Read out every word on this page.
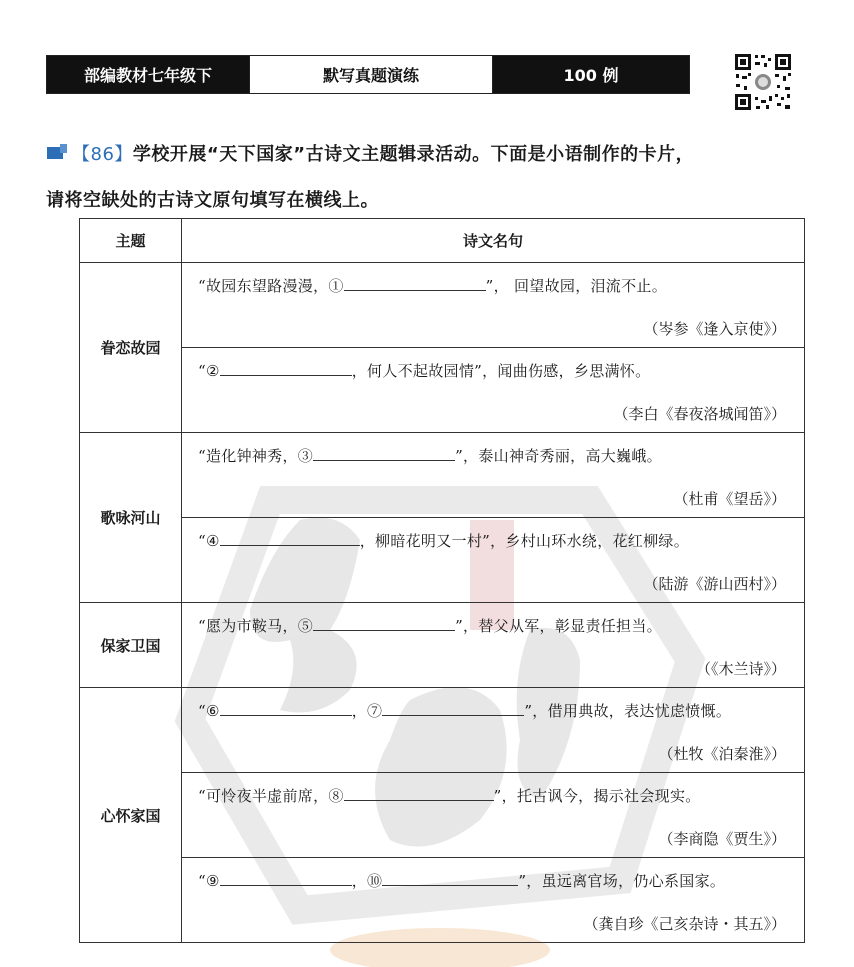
部编教材七年级下	默写真题演练	100 例
【86】 学校开展“天下国家”古诗文主题辑录活动。下面是小语制作的卡片，
请将空缺处的古诗文原句填写在横线上。
主题	诗文名句
眷恋故园	“故园东望路漫漫，① ”， 回望故园，泪流不止。
（岑参《逢入京使》）

	“② ，何人不起故园情”，闻曲伤感，乡思满怀。
（李白《春夜洛城闻笛》）

歌咏河山	“造化钟神秀，③ ”，泰山神奇秀丽，高大巍峨。
（杜甫《望岳》）

	“④ ，柳暗花明又一村”，乡村山环水绕，花红柳绿。
（陆游《游山西村》）

保家卫国	“愿为市鞍马，⑤ ”，替父从军，彰显责任担当。
（《木兰诗》）

心怀家国	“⑥ ，⑦ ”，借用典故，表达忧虑愤慨。
（杜牧《泊秦淮》）

	“可怜夜半虚前席，⑧ ”，托古讽今，揭示社会现实。
（李商隐《贾生》）

	“⑨ ，⑩ ”，虽远离官场，仍心系国家。
（龚自珍《己亥杂诗・其五》）
